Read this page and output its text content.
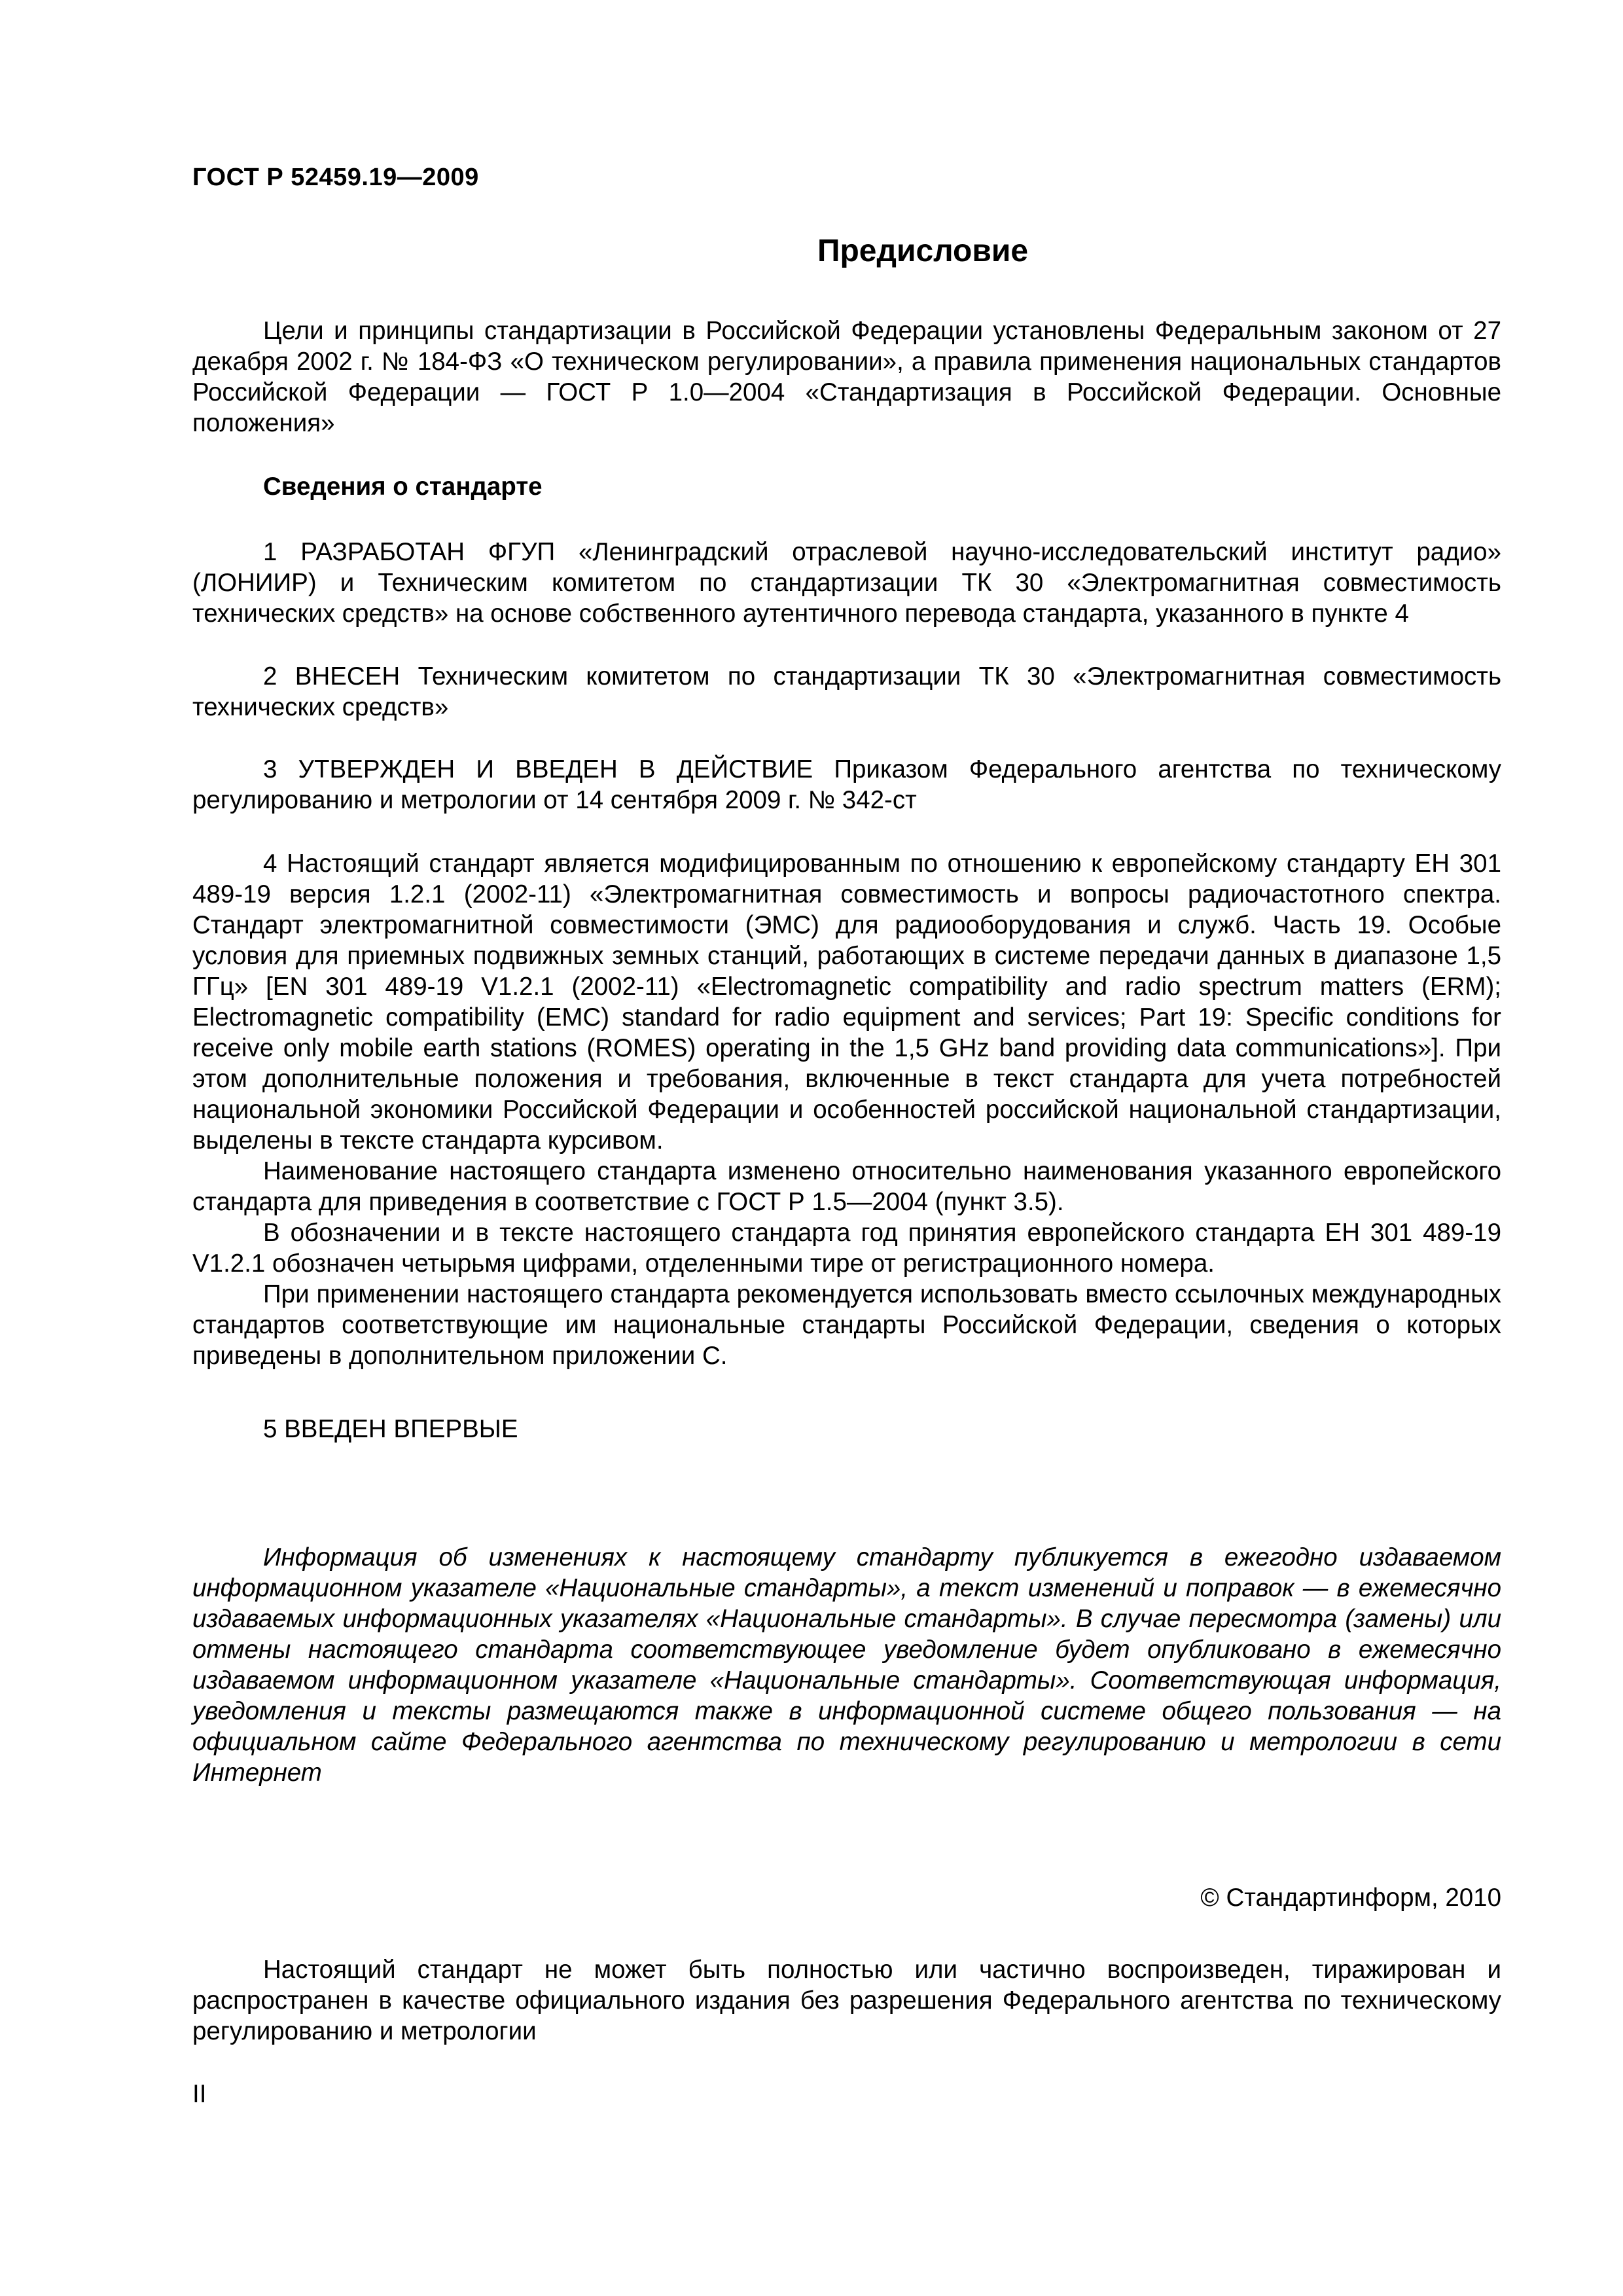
ГОСТ Р 52459.19—2009
Предисловие

Цели и принципы стандартизации в Российской Федерации установлены Федеральным законом от 27 декабря 2002 г. № 184-ФЗ «О техническом регулировании», а правила применения национальных стандартов Российской Федерации — ГОСТ Р 1.0—2004 «Стандартизация в Российской Федерации. Основные положения»

Сведения о стандарте

1 РАЗРАБОТАН ФГУП «Ленинградский отраслевой научно-исследовательский институт радио» (ЛОНИИР) и Техническим комитетом по стандартизации ТК 30 «Электромагнитная совместимость технических средств» на основе собственного аутентичного перевода стандарта, указанного в пункте 4

2 ВНЕСЕН Техническим комитетом по стандартизации ТК 30 «Электромагнитная совместимость технических средств»

3 УТВЕРЖДЕН И ВВЕДЕН В ДЕЙСТВИЕ Приказом Федерального агентства по техническому регулированию и метрологии от 14 сентября 2009 г. № 342-ст

4 Настоящий стандарт является модифицированным по отношению к европейскому стандарту ЕН 301 489-19 версия 1.2.1 (2002-11) «Электромагнитная совместимость и вопросы радиочастотного спектра. Стандарт электромагнитной совместимости (ЭМС) для радиооборудования и служб. Часть 19. Особые условия для приемных подвижных земных станций, работающих в системе передачи данных в диапазоне 1,5 ГГц» [EN 301 489-19 V1.2.1 (2002-11) «Electromagnetic compatibility and radio spectrum matters (ERM); Electromagnetic compatibility (EMC) standard for radio equipment and services; Part 19: Specific conditions for receive only mobile earth stations (ROMES) operating in the 1,5 GHz band providing data communications»]. При этом дополнительные положения и требования, включенные в текст стандарта для учета потребностей национальной экономики Российской Федерации и особенностей российской национальной стандартизации, выделены в тексте стандарта курсивом.

Наименование настоящего стандарта изменено относительно наименования указанного европейского стандарта для приведения в соответствие с ГОСТ Р 1.5—2004 (пункт 3.5).

В обозначении и в тексте настоящего стандарта год принятия европейского стандарта ЕН 301 489-19 V1.2.1 обозначен четырьмя цифрами, отделенными тире от регистрационного номера.

При применении настоящего стандарта рекомендуется использовать вместо ссылочных международных стандартов соответствующие им национальные стандарты Российской Федерации, сведения о которых приведены в дополнительном приложении С.

5 ВВЕДЕН ВПЕРВЫЕ

Информация об изменениях к настоящему стандарту публикуется в ежегодно издаваемом информационном указателе «Национальные стандарты», а текст изменений и поправок — в ежемесячно издаваемых информационных указателях «Национальные стандарты». В случае пересмотра (замены) или отмены настоящего стандарта соответствующее уведомление будет опубликовано в ежемесячно издаваемом информационном указателе «Национальные стандарты». Соответствующая информация, уведомления и тексты размещаются также в информационной системе общего пользования — на официальном сайте Федерального агентства по техническому регулированию и метрологии в сети Интернет

© Стандартинформ, 2010

Настоящий стандарт не может быть полностью или частично воспроизведен, тиражирован и распространен в качестве официального издания без разрешения Федерального агентства по техническому регулированию и метрологии

II
